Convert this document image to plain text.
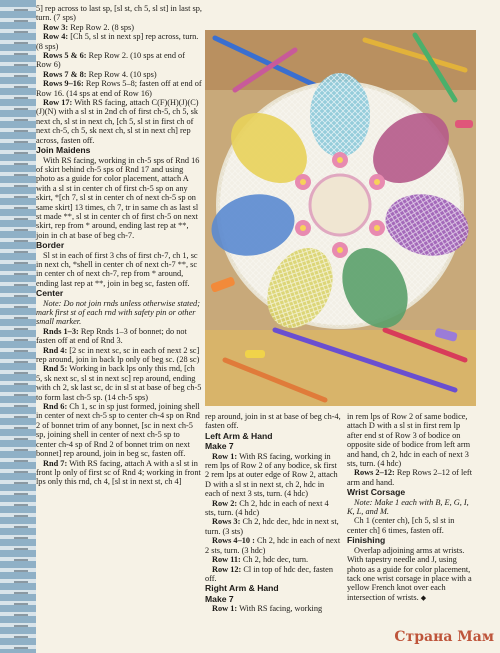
5] rep across to last sp, [sl st, ch 5, sl st] in last sp, turn. (7 sps)

Row 3: Rep Row 2. (8 sps)

Row 4: [Ch 5, sl st in next sp] rep across, turn. (8 sps)

Rows 5 & 6: Rep Row 2. (10 sps at end of Row 6)

Rows 7 & 8: Rep Row 4. (10 sps)

Rows 9–16: Rep Rows 5–8; fasten off at end of Row 16. (14 sps at end of Row 16)

Row 17: With RS facing, attach C(F)(H)(J)(C)(J)(N) with a sl st in 2nd ch of first ch-5, ch 5, sk next ch, sl st in next ch, [ch 5, sl st in first ch of next ch-5, ch 5, sk next ch, sl st in next ch] rep across, fasten off.

Join Maidens

With RS facing, working in ch-5 sps of Rnd 16 of skirt behind ch-5 sps of Rnd 17 and using photo as a guide for color placement, attach A with a sl st in center ch of first ch-5 sp on any skirt, *[ch 7, sl st in center ch of next ch-5 sp on same skirt] 13 times, ch 7, tr in same ch as last sl st made **, sl st in center ch of first ch-5 on next skirt, rep from * around, ending last rep at **, join in ch at base of beg ch-7.

Border

Sl st in each of first 3 chs of first ch-7, ch 1, sc in next ch, *shell in center ch of next ch-7 **, sc in center ch of next ch-7, rep from * around, ending last rep at **, join in beg sc, fasten off.

Center

Note: Do not join rnds unless otherwise stated; mark first st of each rnd with safety pin or other small marker.

Rnds 1–3: Rep Rnds 1–3 of bonnet; do not fasten off at end of Rnd 3.

Rnd 4: [2 sc in next sc, sc in each of next 2 sc] rep around, join in back lp only of beg sc. (28 sc)

Rnd 5: Working in back lps only this rnd, [ch 5, sk next sc, sl st in next sc] rep around, ending with ch 2, sk last sc, dc in sl st at base of beg ch-5 to form last ch-5 sp. (14 ch-5 sps)

Rnd 6: Ch 1, sc in sp just formed, joining shell in center of next ch-5 sp to center ch-4 sp on Rnd 2 of bonnet trim of any bonnet, [sc in next ch-5 sp, joining shell in center of next ch-5 sp to center ch-4 sp of Rnd 2 of bonnet trim on next bonnet] rep around, join in beg sc, fasten off.

Rnd 7: With RS facing, attach A with a sl st in front lp only of first sc of Rnd 4; working in front lps only this rnd, ch 4, [sl st in next st, ch 4]

rep around, join in st at base of beg ch-4, fasten off.

Left Arm & Hand

Make 7

Row 1: With RS facing, working in rem lps of Row 2 of any bodice, sk first 2 rem lps at outer edge of Row 2, attach D with a sl st in next st, ch 2, hdc in each of next 3 sts, turn. (4 hdc)

Row 2: Ch 2, hdc in each of next 4 sts, turn. (4 hdc)

Rows 3: Ch 2, hdc dec, hdc in next st, turn. (3 sts)

Rows 4–10 : Ch 2, hdc in each of next 2 sts, turn. (3 hdc)

Row 11: Ch 2, hdc dec, turn.

Row 12: Cl in top of hdc dec, fasten off.

Right Arm & Hand

Make 7

Row 1: With RS facing, working

in rem lps of Row 2 of same bodice, attach D with a sl st in first rem lp after end st of Row 3 of bodice on opposite side of bodice from left arm and hand, ch 2, hdc in each of next 3 sts, turn. (4 hdc)

Rows 2–12: Rep Rows 2–12 of left arm and hand.

Wrist Corsage

Note: Make 1 each with B, E, G, I, K, L, and M.

Ch 1 (center ch), [ch 5, sl st in center ch] 6 times, fasten off.

Finishing

Overlap adjoining arms at wrists. With tapestry needle and J, using photo as a guide for color placement, tack one wrist corsage in place with a yellow French knot over each intersection of wrists. ◆

Страна Мам
